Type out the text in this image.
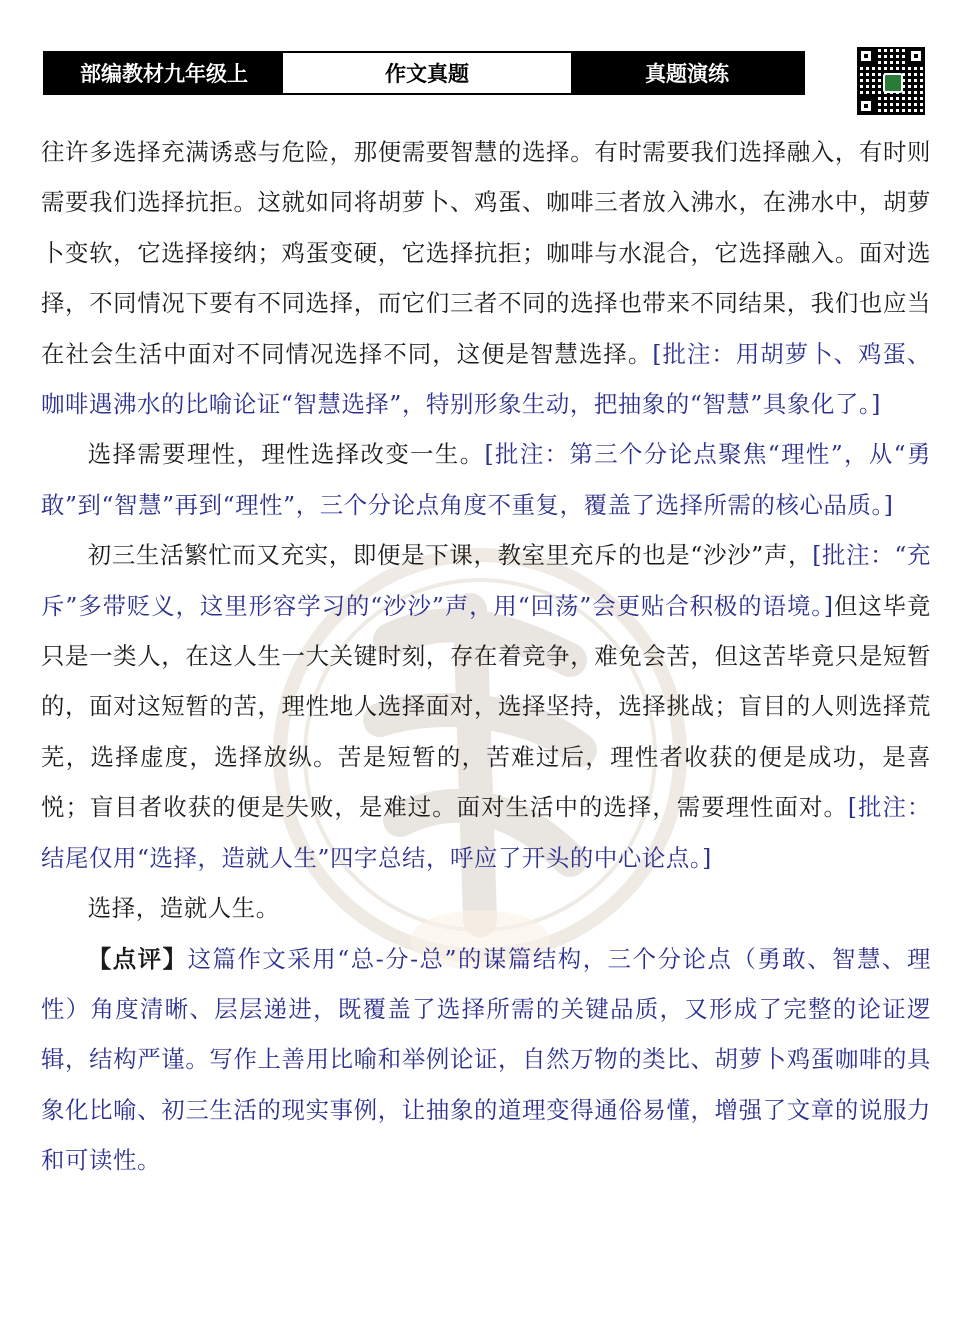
部编教材九年级上	作文真题	真题演练

往许多选择充满诱惑与危险，那便需要智慧的选择。有时需要我们选择融入，有时则需要我们选择抗拒。这就如同将胡萝卜、鸡蛋、咖啡三者放入沸水，在沸水中，胡萝卜变软，它选择接纳；鸡蛋变硬，它选择抗拒；咖啡与水混合，它选择融入。面对选择，不同情况下要有不同选择，而它们三者不同的选择也带来不同结果，我们也应当在社会生活中面对不同情况选择不同，这便是智慧选择。[批注：用胡萝卜、鸡蛋、咖啡遇沸水的比喻论证“智慧选择”，特别形象生动，把抽象的“智慧”具象化了。]

选择需要理性，理性选择改变一生。[批注：第三个分论点聚焦“理性”，从“勇敢”到“智慧”再到“理性”，三个分论点角度不重复，覆盖了选择所需的核心品质。]

初三生活繁忙而又充实，即便是下课，教室里充斥的也是“沙沙”声，[批注：“充斥”多带贬义，这里形容学习的“沙沙”声，用“回荡”会更贴合积极的语境。]但这毕竟只是一类人，在这人生一大关键时刻，存在着竞争，难免会苦，但这苦毕竟只是短暂的，面对这短暂的苦，理性地人选择面对，选择坚持，选择挑战；盲目的人则选择荒芜，选择虚度，选择放纵。苦是短暂的，苦难过后，理性者收获的便是成功，是喜悦；盲目者收获的便是失败，是难过。面对生活中的选择，需要理性面对。[批注：结尾仅用“选择，造就人生”四字总结，呼应了开头的中心论点。]

选择，造就人生。

【点评】这篇作文采用“总-分-总”的谋篇结构，三个分论点（勇敢、智慧、理性）角度清晰、层层递进，既覆盖了选择所需的关键品质，又形成了完整的论证逻辑，结构严谨。写作上善用比喻和举例论证，自然万物的类比、胡萝卜鸡蛋咖啡的具象化比喻、初三生活的现实事例，让抽象的道理变得通俗易懂，增强了文章的说服力和可读性。
